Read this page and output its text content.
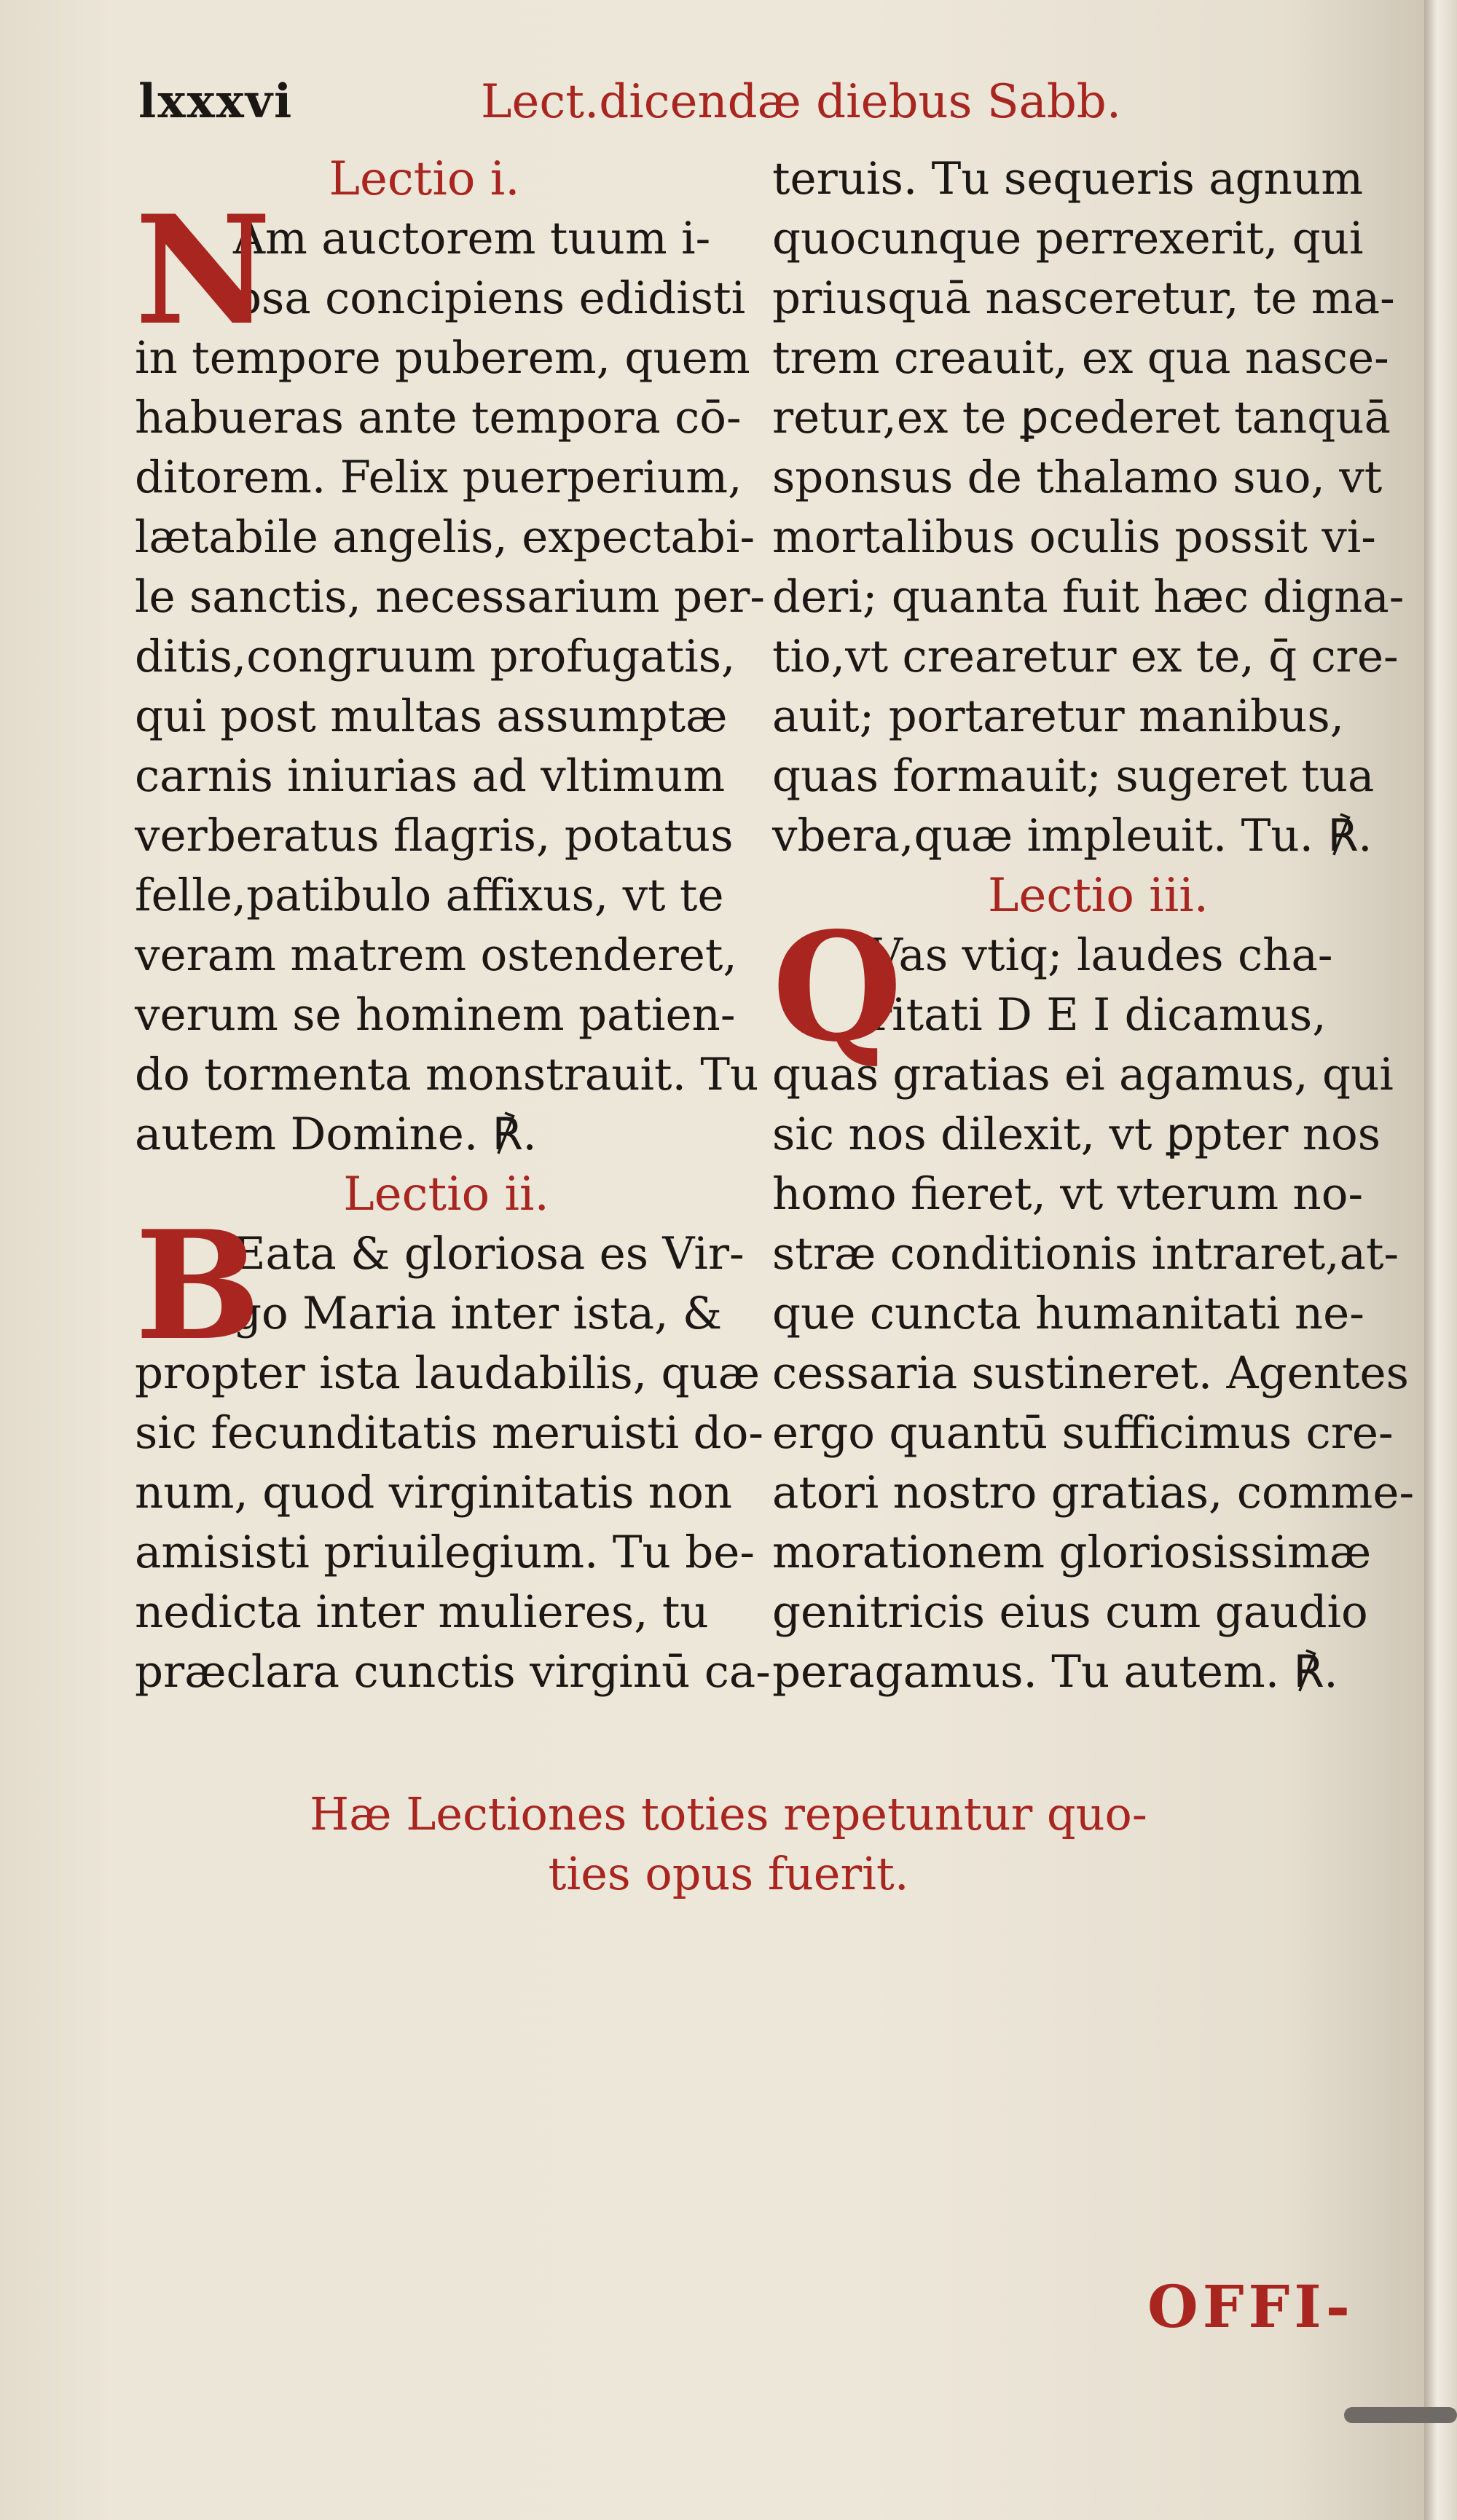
lxxxvi	Lect.dicendæ diebus Sabb.
Lectio i.
N
Am auctorem tuum i-
psa concipiens edidisti
in tempore puberem, quem
habueras ante tempora cō-
ditorem. Felix puerperium,
lætabile angelis, expectabi-
le sanctis, necessarium per-
ditis,congruum profugatis,
qui post multas assumptæ
carnis iniurias ad vltimum
verberatus flagris, potatus
felle,patibulo affixus, vt te
veram matrem ostenderet,
verum se hominem patien-
do tormenta monstrauit. Tu
autem Domine. ℟.
Lectio ii.
B
Eata & gloriosa es Vir-
go Maria inter ista, &
propter ista laudabilis, quæ
sic fecunditatis meruisti do-
num, quod virginitatis non
amisisti priuilegium. Tu be-
nedicta inter mulieres, tu
præclara cunctis virginū ca-
teruis. Tu sequeris agnum
quocunque perrexerit, qui
priusquā nasceretur, te ma-
trem creauit, ex qua nasce-
retur,ex te ꝑcederet tanquā
sponsus de thalamo suo, vt
mortalibus oculis possit vi-
deri; quanta fuit hæc digna-
tio,vt crearetur ex te, q̄ cre-
auit; portaretur manibus,
quas formauit; sugeret tua
vbera,quæ impleuit. Tu. ℟.
Lectio iii.
Q
Vas vtiq; laudes cha-
ritati D E I dicamus,
quas gratias ei agamus, qui
sic nos dilexit, vt ꝑpter nos
homo fieret, vt vterum no-
stræ conditionis intraret,at-
que cuncta humanitati ne-
cessaria sustineret. Agentes
ergo quantū sufficimus cre-
atori nostro gratias, comme-
morationem gloriosissimæ
genitricis eius cum gaudio
peragamus. Tu autem. ℟.
Hæ Lectiones toties repetuntur quo-
ties opus fuerit.
OFFI-
